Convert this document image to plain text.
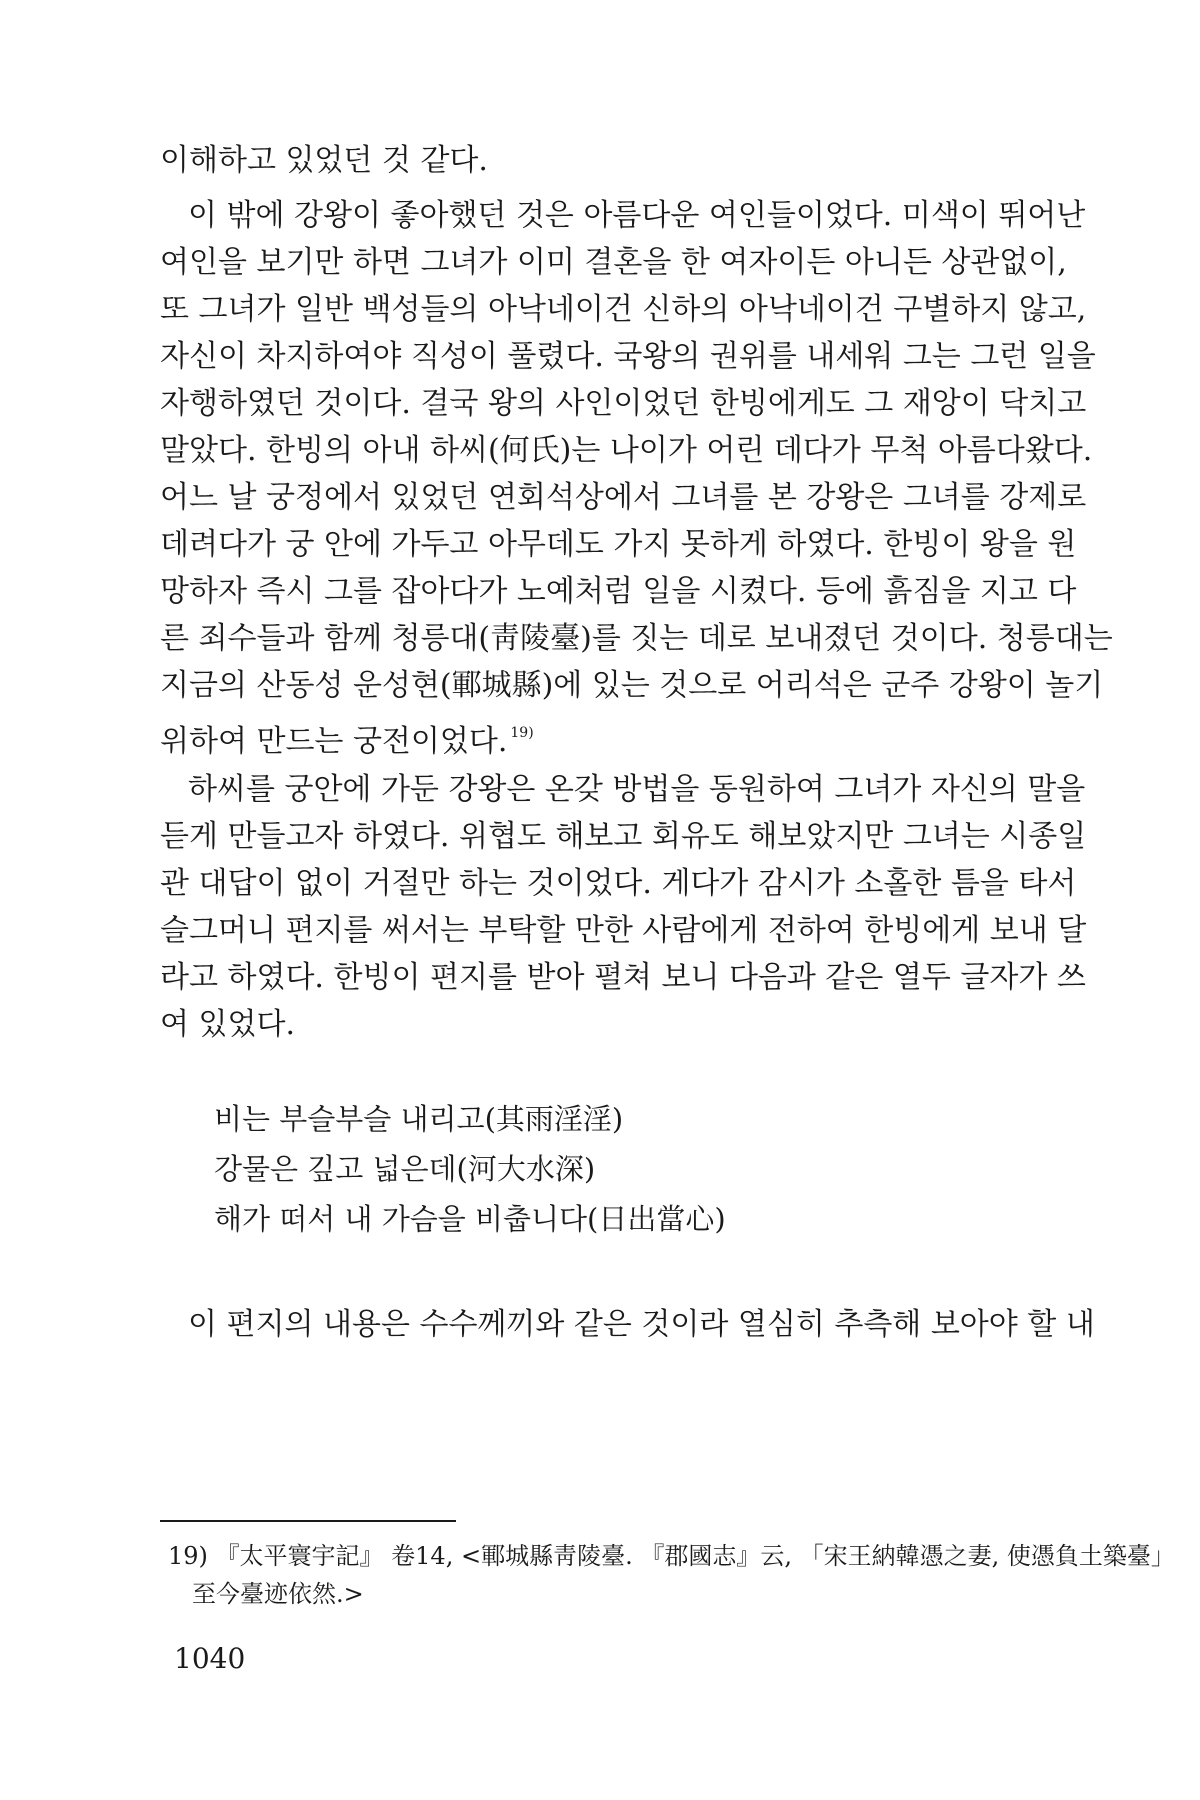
이해하고 있었던 것 같다.
이 밖에 강왕이 좋아했던 것은 아름다운 여인들이었다. 미색이 뛰어난
여인을 보기만 하면 그녀가 이미 결혼을 한 여자이든 아니든 상관없이,
또 그녀가 일반 백성들의 아낙네이건 신하의 아낙네이건 구별하지 않고,
자신이 차지하여야 직성이 풀렸다. 국왕의 권위를 내세워 그는 그런 일을
자행하였던 것이다. 결국 왕의 사인이었던 한빙에게도 그 재앙이 닥치고
말았다. 한빙의 아내 하씨(何氏)는 나이가 어린 데다가 무척 아름다왔다.
어느 날 궁정에서 있었던 연회석상에서 그녀를 본 강왕은 그녀를 강제로
데려다가 궁 안에 가두고 아무데도 가지 못하게 하였다. 한빙이 왕을 원
망하자 즉시 그를 잡아다가 노예처럼 일을 시켰다. 등에 흙짐을 지고 다
른 죄수들과 함께 청릉대(靑陵臺)를 짓는 데로 보내졌던 것이다. 청릉대는
지금의 산동성 운성현(鄆城縣)에 있는 것으로 어리석은 군주 강왕이 놀기
위하여 만드는 궁전이었다. $^{19)}$
하씨를 궁안에 가둔 강왕은 온갖 방법을 동원하여 그녀가 자신의 말을
듣게 만들고자 하였다. 위협도 해보고 회유도 해보았지만 그녀는 시종일
관 대답이 없이 거절만 하는 것이었다. 게다가 감시가 소홀한 틈을 타서
슬그머니 편지를 써서는 부탁할 만한 사람에게 전하여 한빙에게 보내 달
라고 하였다. 한빙이 편지를 받아 펼쳐 보니 다음과 같은 열두 글자가 쓰
여 있었다.
비는 부슬부슬 내리고(其雨淫淫)
강물은 깊고 넓은데(河大水深)
해가 떠서 내 가슴을 비춥니다(日出當心)
이 편지의 내용은 수수께끼와 같은 것이라 열심히 추측해 보아야 할 내
19) 『太平寰宇記』 卷14, <鄆城縣靑陵臺. 『郡國志』云, 「宋王納韓憑之妻, 使憑負土築臺」
至今臺迹依然.>
1040
